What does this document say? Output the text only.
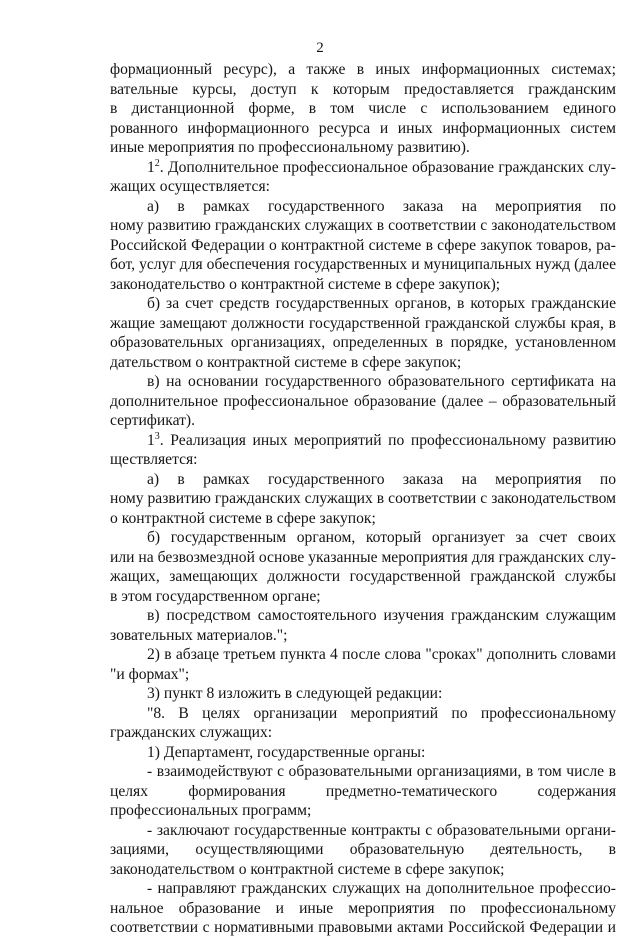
2
формационный ресурс), а также в иных информационных системах;
вательные курсы, доступ к которым предоставляется гражданским
в дистанционной форме, в том числе с использованием единого
рованного информационного ресурса и иных информационных систем
иные мероприятия по профессиональному развитию).
$1^2$. Дополнительное профессиональное образование гражданских слу-
жащих осуществляется:
а) в рамках государственного заказа на мероприятия по
ному развитию гражданских служащих в соответствии с законодательством
Российской Федерации о контрактной системе в сфере закупок товаров, ра-
бот, услуг для обеспечения государственных и муниципальных нужд (далее
законодательство о контрактной системе в сфере закупок);
б) за счет средств государственных органов, в которых гражданские
жащие замещают должности государственной гражданской службы края, в
образовательных организациях, определенных в порядке, установленном
дательством о контрактной системе в сфере закупок;
в) на основании государственного образовательного сертификата на
дополнительное профессиональное образование (далее – образовательный
сертификат).
$1^3$. Реализация иных мероприятий по профессиональному развитию
ществляется:
а) в рамках государственного заказа на мероприятия по
ному развитию гражданских служащих в соответствии с законодательством
о контрактной системе в сфере закупок;
б) государственным органом, который организует за счет своих
или на безвозмездной основе указанные мероприятия для гражданских слу-
жащих, замещающих должности государственной гражданской службы
в этом государственном органе;
в) посредством самостоятельного изучения гражданским служащим
зовательных материалов.";
2) в абзаце третьем пункта 4 после слова "сроках" дополнить словами
"и формах";
3) пункт 8 изложить в следующей редакции:
"8. В целях организации мероприятий по профессиональному
гражданских служащих:
1) Департамент, государственные органы:
- взаимодействуют с образовательными организациями, в том числе в
целях формирования предметно-тематического содержания
профессиональных программ;
- заключают государственные контракты с образовательными органи-
зациями, осуществляющими образовательную деятельность, в
законодательством о контрактной системе в сфере закупок;
- направляют гражданских служащих на дополнительное профессио-
нальное образование и иные мероприятия по профессиональному
соответствии с нормативными правовыми актами Российской Федерации и
